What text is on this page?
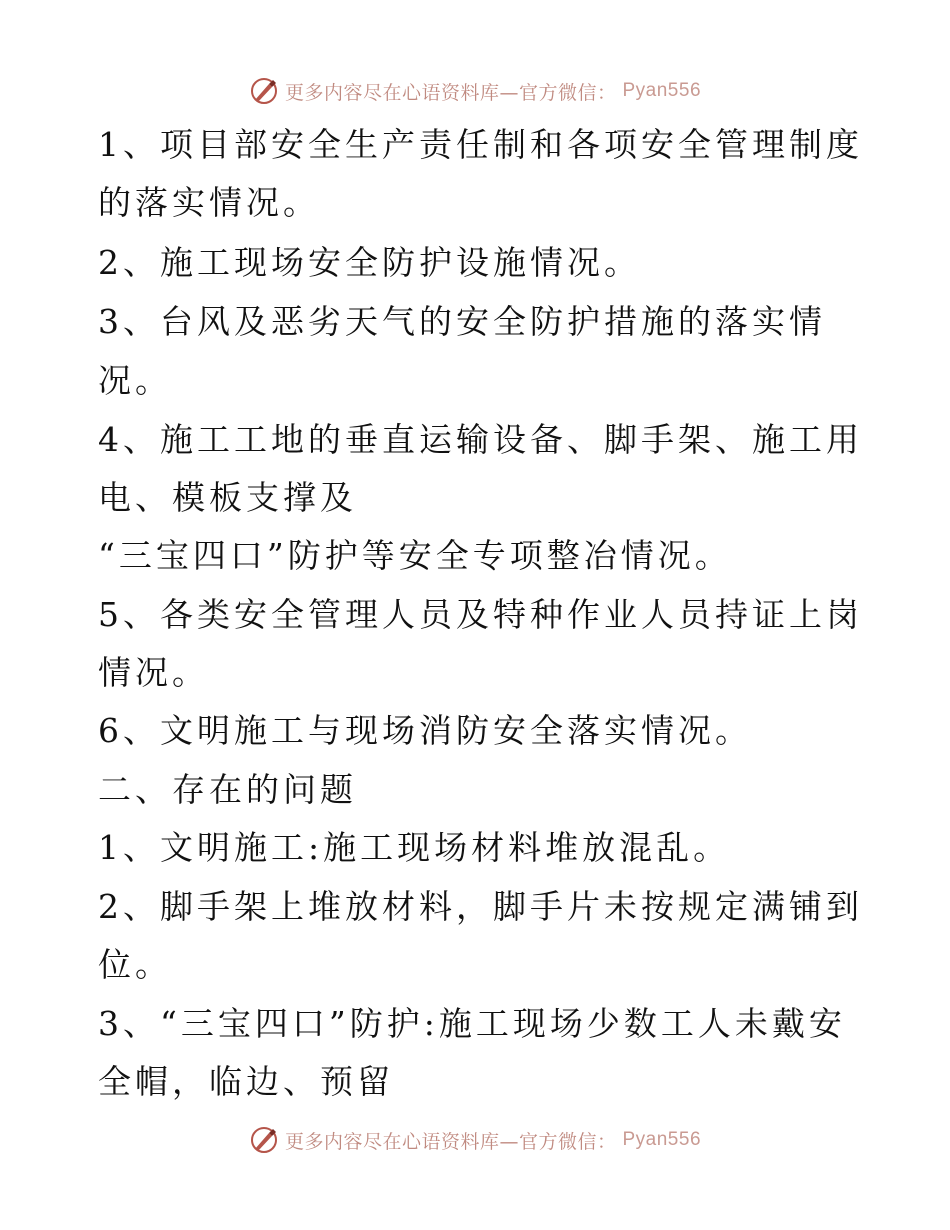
更多内容尽在心语资料库—官方微信： Pyan556
1、项目部安全生产责任制和各项安全管理制度
的落实情况。
2、施工现场安全防护设施情况。
3、台风及恶劣天气的安全防护措施的落实情
况。
4、施工工地的垂直运输设备、脚手架、施工用
电、模板支撑及
“三宝四口”防护等安全专项整冶情况。
5、各类安全管理人员及特种作业人员持证上岗
情况。
6、文明施工与现场消防安全落实情况。
二、存在的问题
1、文明施工:施工现场材料堆放混乱。
2、脚手架上堆放材料，脚手片未按规定满铺到
位。
3、“三宝四口”防护:施工现场少数工人未戴安
全帽，临边、预留
更多内容尽在心语资料库—官方微信： Pyan556
